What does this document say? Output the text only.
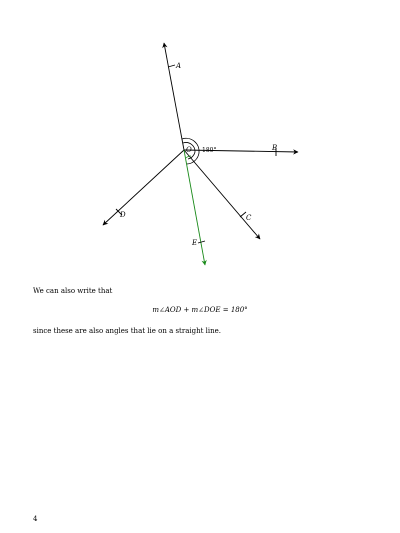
A
B
C
D
E
O 180°

We can also write that

m∠AOD + m∠DOE = 180°

since these are also angles that lie on a straight line.

4
